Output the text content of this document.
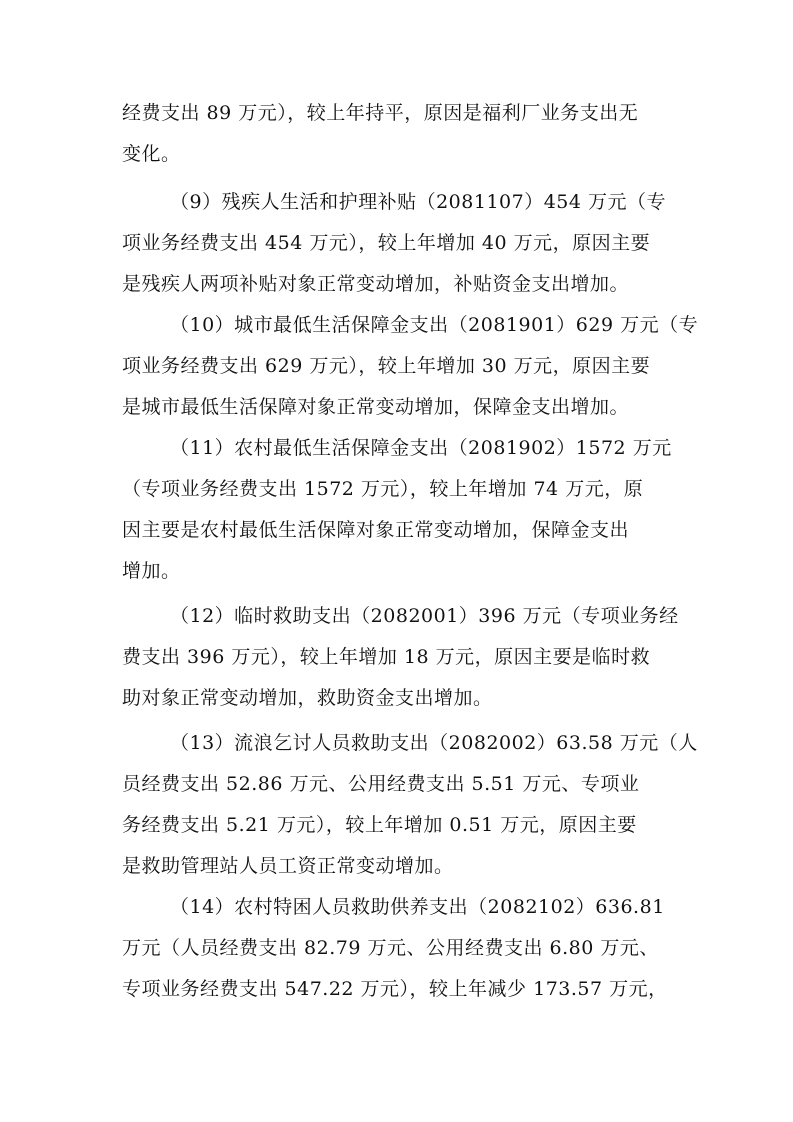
经费支出 89 万元），较上年持平，原因是福利厂业务支出无
变化。
（9）残疾人生活和护理补贴（2081107）454 万元（专
项业务经费支出 454 万元），较上年增加 40 万元，原因主要
是残疾人两项补贴对象正常变动增加，补贴资金支出增加。
（10）城市最低生活保障金支出（2081901）629 万元（专
项业务经费支出 629 万元），较上年增加 30 万元，原因主要
是城市最低生活保障对象正常变动增加，保障金支出增加。
（11）农村最低生活保障金支出（2081902）1572 万元
（专项业务经费支出 1572 万元），较上年增加 74 万元，原
因主要是农村最低生活保障对象正常变动增加，保障金支出
增加。
（12）临时救助支出（2082001）396 万元（专项业务经
费支出 396 万元），较上年增加 18 万元，原因主要是临时救
助对象正常变动增加，救助资金支出增加。
（13）流浪乞讨人员救助支出（2082002）63.58 万元（人
员经费支出 52.86 万元、公用经费支出 5.51 万元、专项业
务经费支出 5.21 万元），较上年增加 0.51 万元，原因主要
是救助管理站人员工资正常变动增加。
（14）农村特困人员救助供养支出（2082102）636.81
万元（人员经费支出 82.79 万元、公用经费支出 6.80 万元、
专项业务经费支出 547.22 万元），较上年减少 173.57 万元，
